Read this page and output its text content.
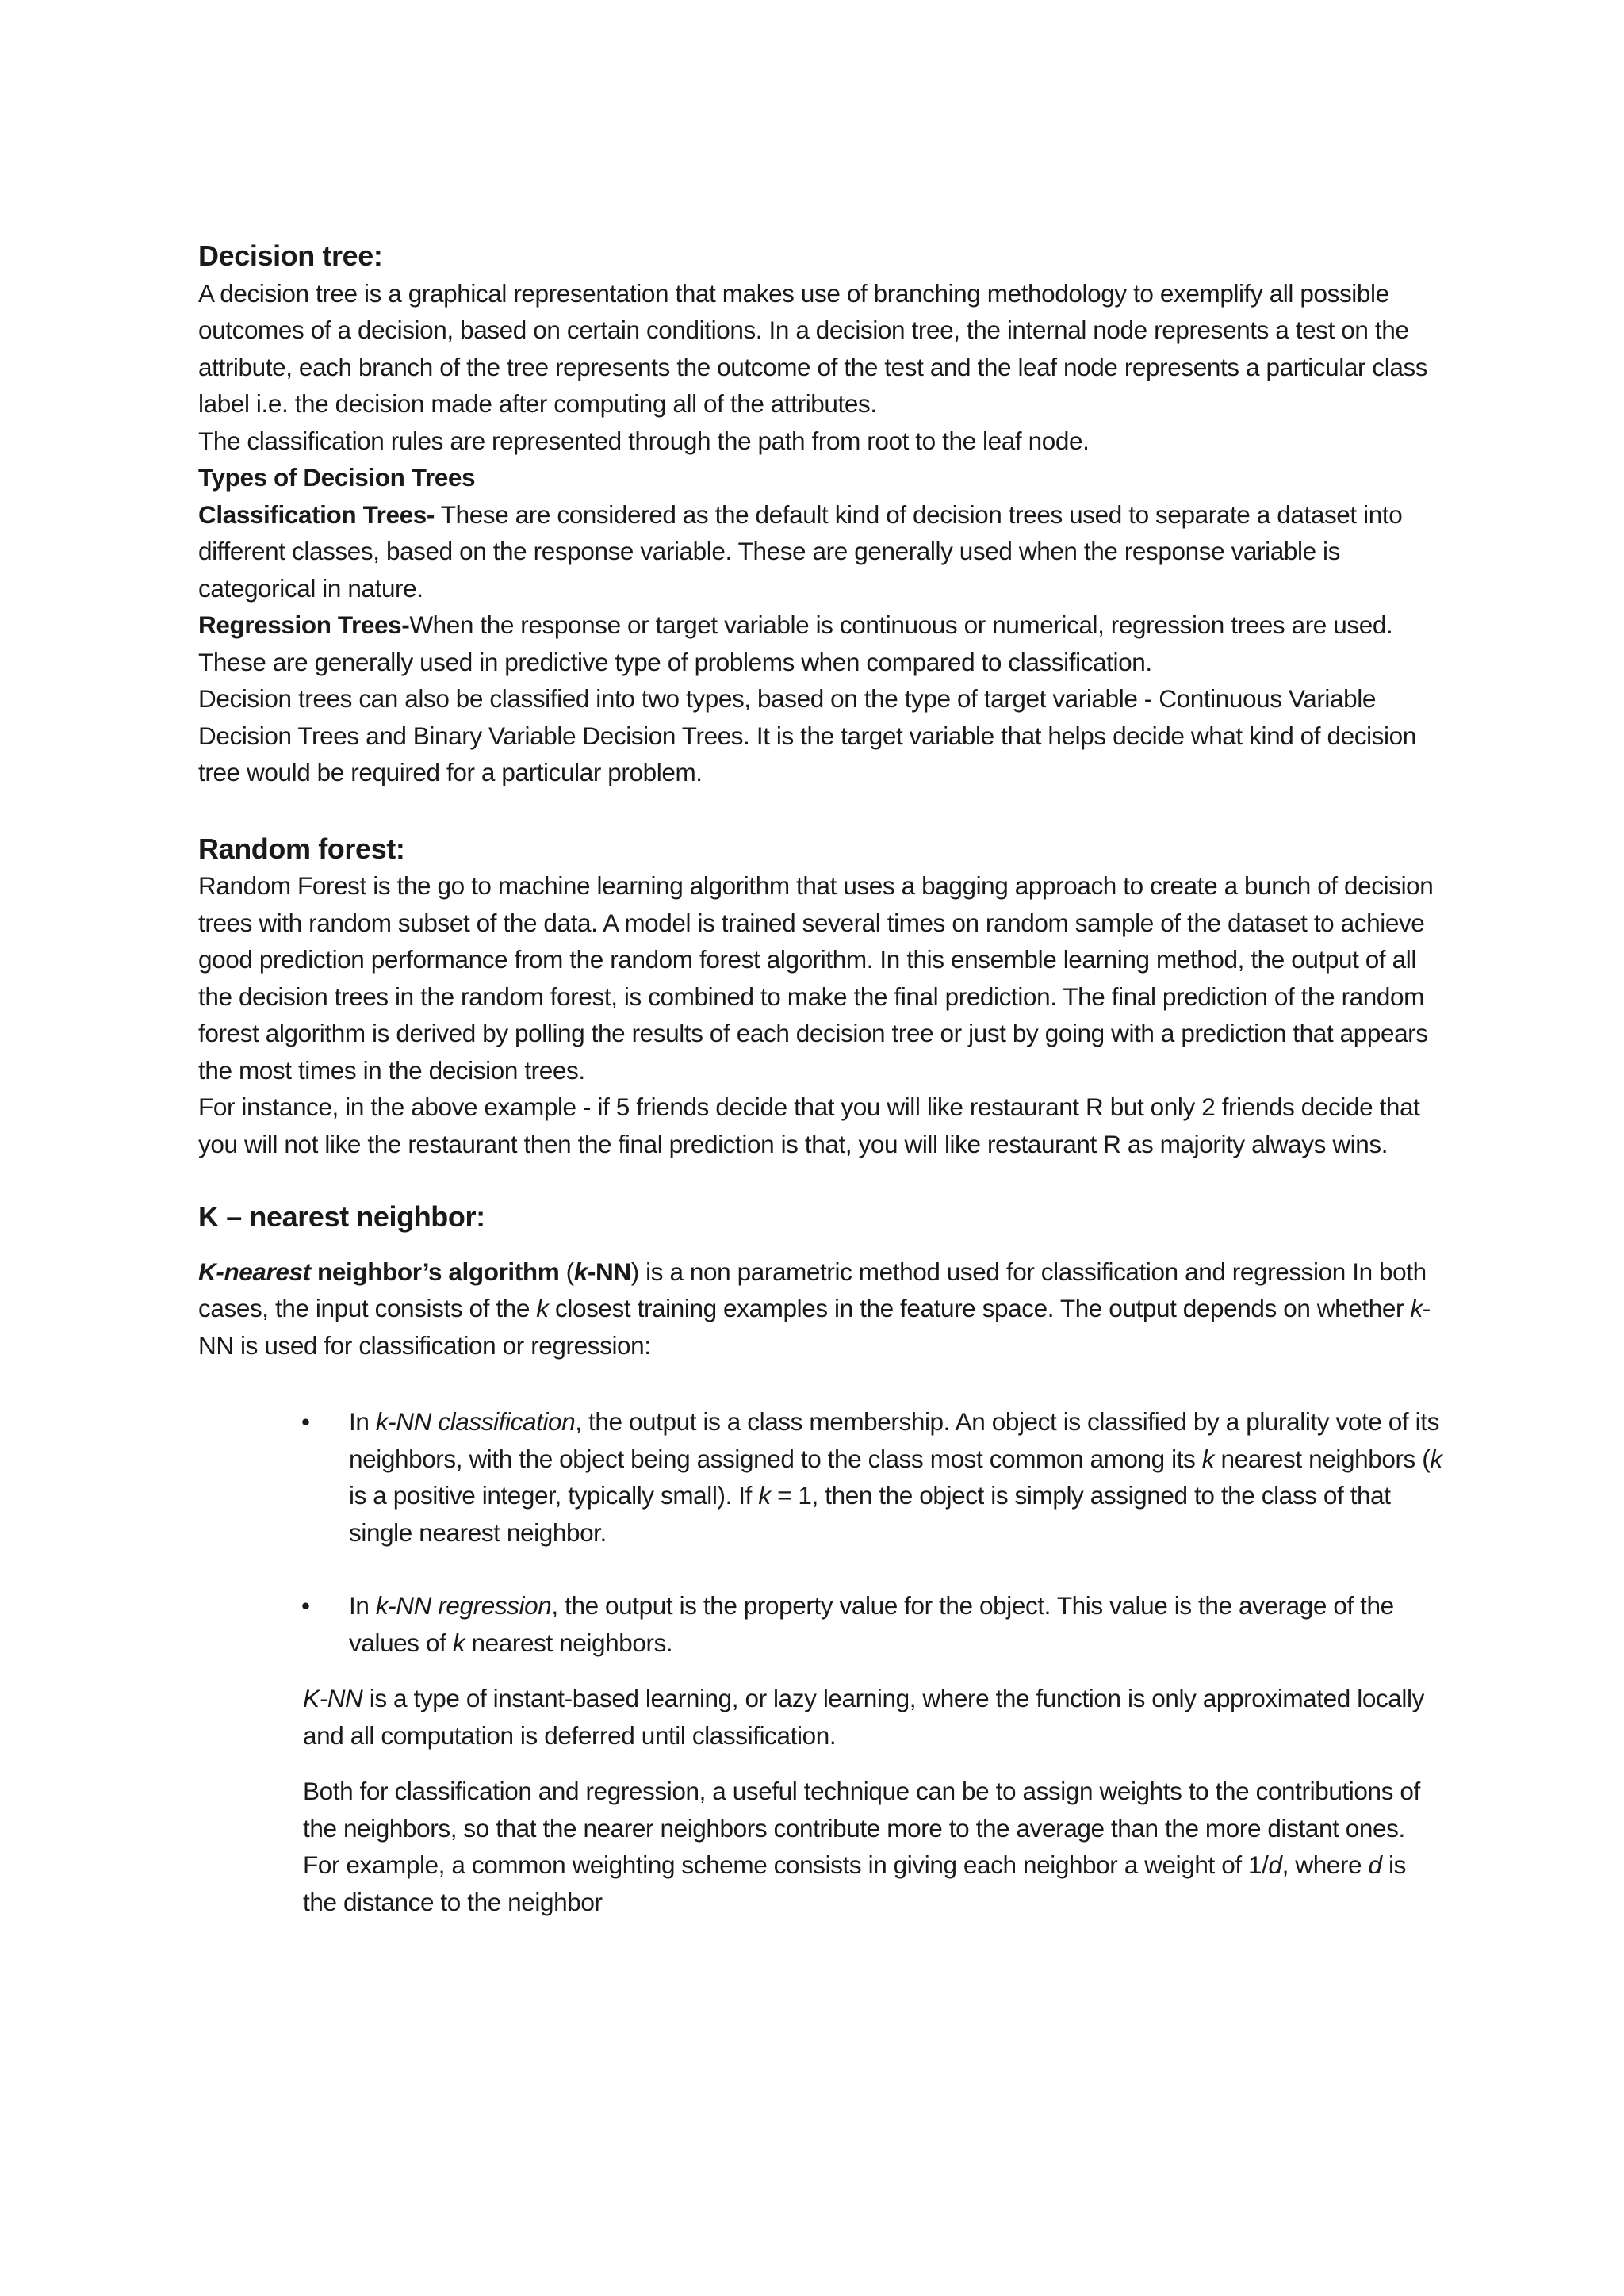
Decision tree:

A decision tree is a graphical representation that makes use of branching methodology to exemplify all possible outcomes of a decision, based on certain conditions. In a decision tree, the internal node represents a test on the attribute, each branch of the tree represents the outcome of the test and the leaf node represents a particular class label i.e. the decision made after computing all of the attributes.

The classification rules are represented through the path from root to the leaf node.

Types of Decision Trees

Classification Trees- These are considered as the default kind of decision trees used to separate a dataset into different classes, based on the response variable. These are generally used when the response variable is categorical in nature.

Regression Trees-When the response or target variable is continuous or numerical, regression trees are used. These are generally used in predictive type of problems when compared to classification.

Decision trees can also be classified into two types, based on the type of target variable - Continuous Variable Decision Trees and Binary Variable Decision Trees. It is the target variable that helps decide what kind of decision tree would be required for a particular problem.

Random forest:

Random Forest is the go to machine learning algorithm that uses a bagging approach to create a bunch of decision trees with random subset of the data. A model is trained several times on random sample of the dataset to achieve good prediction performance from the random forest algorithm. In this ensemble learning method, the output of all the decision trees in the random forest, is combined to make the final prediction. The final prediction of the random forest algorithm is derived by polling the results of each decision tree or just by going with a prediction that appears the most times in the decision trees.

For instance, in the above example - if 5 friends decide that you will like restaurant R but only 2 friends decide that you will not like the restaurant then the final prediction is that, you will like restaurant R as majority always wins.

K – nearest neighbor:

K-nearest neighbor’s algorithm (k-NN) is a non parametric method used for classification and regression In both cases, the input consists of the k closest training examples in the feature space. The output depends on whether k-NN is used for classification or regression:

• In k-NN classification, the output is a class membership. An object is classified by a plurality vote of its neighbors, with the object being assigned to the class most common among its k nearest neighbors (k is a positive integer, typically small). If k = 1, then the object is simply assigned to the class of that single nearest neighbor.
• In k-NN regression, the output is the property value for the object. This value is the average of the values of k nearest neighbors.

K-NN is a type of instant-based learning, or lazy learning, where the function is only approximated locally and all computation is deferred until classification.

Both for classification and regression, a useful technique can be to assign weights to the contributions of the neighbors, so that the nearer neighbors contribute more to the average than the more distant ones. For example, a common weighting scheme consists in giving each neighbor a weight of 1/d, where d is the distance to the neighbor
